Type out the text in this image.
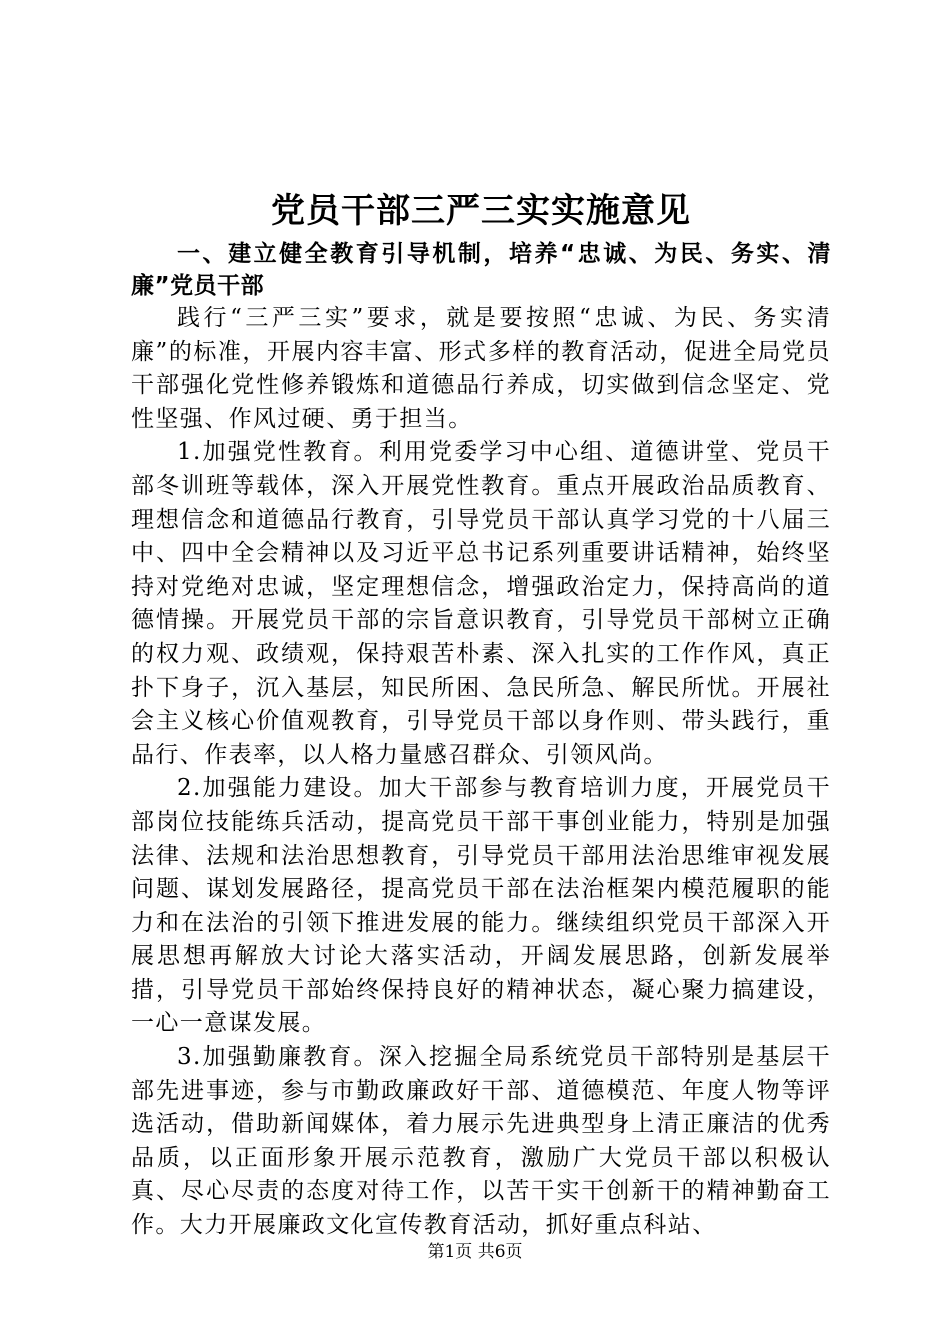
党员干部三严三实实施意见

一、建立健全教育引导机制，培养“忠诚、为民、务实、清廉”党员干部

践行“三严三实”要求，就是要按照“忠诚、为民、务实清廉”的标准，开展内容丰富、形式多样的教育活动，促进全局党员干部强化党性修养锻炼和道德品行养成，切实做到信念坚定、党性坚强、作风过硬、勇于担当。

1.加强党性教育。利用党委学习中心组、道德讲堂、党员干部冬训班等载体，深入开展党性教育。重点开展政治品质教育、理想信念和道德品行教育，引导党员干部认真学习党的十八届三中、四中全会精神以及习近平总书记系列重要讲话精神，始终坚持对党绝对忠诚，坚定理想信念，增强政治定力，保持高尚的道德情操。开展党员干部的宗旨意识教育，引导党员干部树立正确的权力观、政绩观，保持艰苦朴素、深入扎实的工作作风，真正扑下身子，沉入基层，知民所困、急民所急、解民所忧。开展社会主义核心价值观教育，引导党员干部以身作则、带头践行，重品行、作表率，以人格力量感召群众、引领风尚。

2.加强能力建设。加大干部参与教育培训力度，开展党员干部岗位技能练兵活动，提高党员干部干事创业能力，特别是加强法律、法规和法治思想教育，引导党员干部用法治思维审视发展问题、谋划发展路径，提高党员干部在法治框架内模范履职的能力和在法治的引领下推进发展的能力。继续组织党员干部深入开展思想再解放大讨论大落实活动，开阔发展思路，创新发展举措，引导党员干部始终保持良好的精神状态，凝心聚力搞建设，一心一意谋发展。

3.加强勤廉教育。深入挖掘全局系统党员干部特别是基层干部先进事迹，参与市勤政廉政好干部、道德模范、年度人物等评选活动，借助新闻媒体，着力展示先进典型身上清正廉洁的优秀品质，以正面形象开展示范教育，激励广大党员干部以积极认真、尽心尽责的态度对待工作，以苦干实干创新干的精神勤奋工作。大力开展廉政文化宣传教育活动，抓好重点科站、

第1页 共6页
